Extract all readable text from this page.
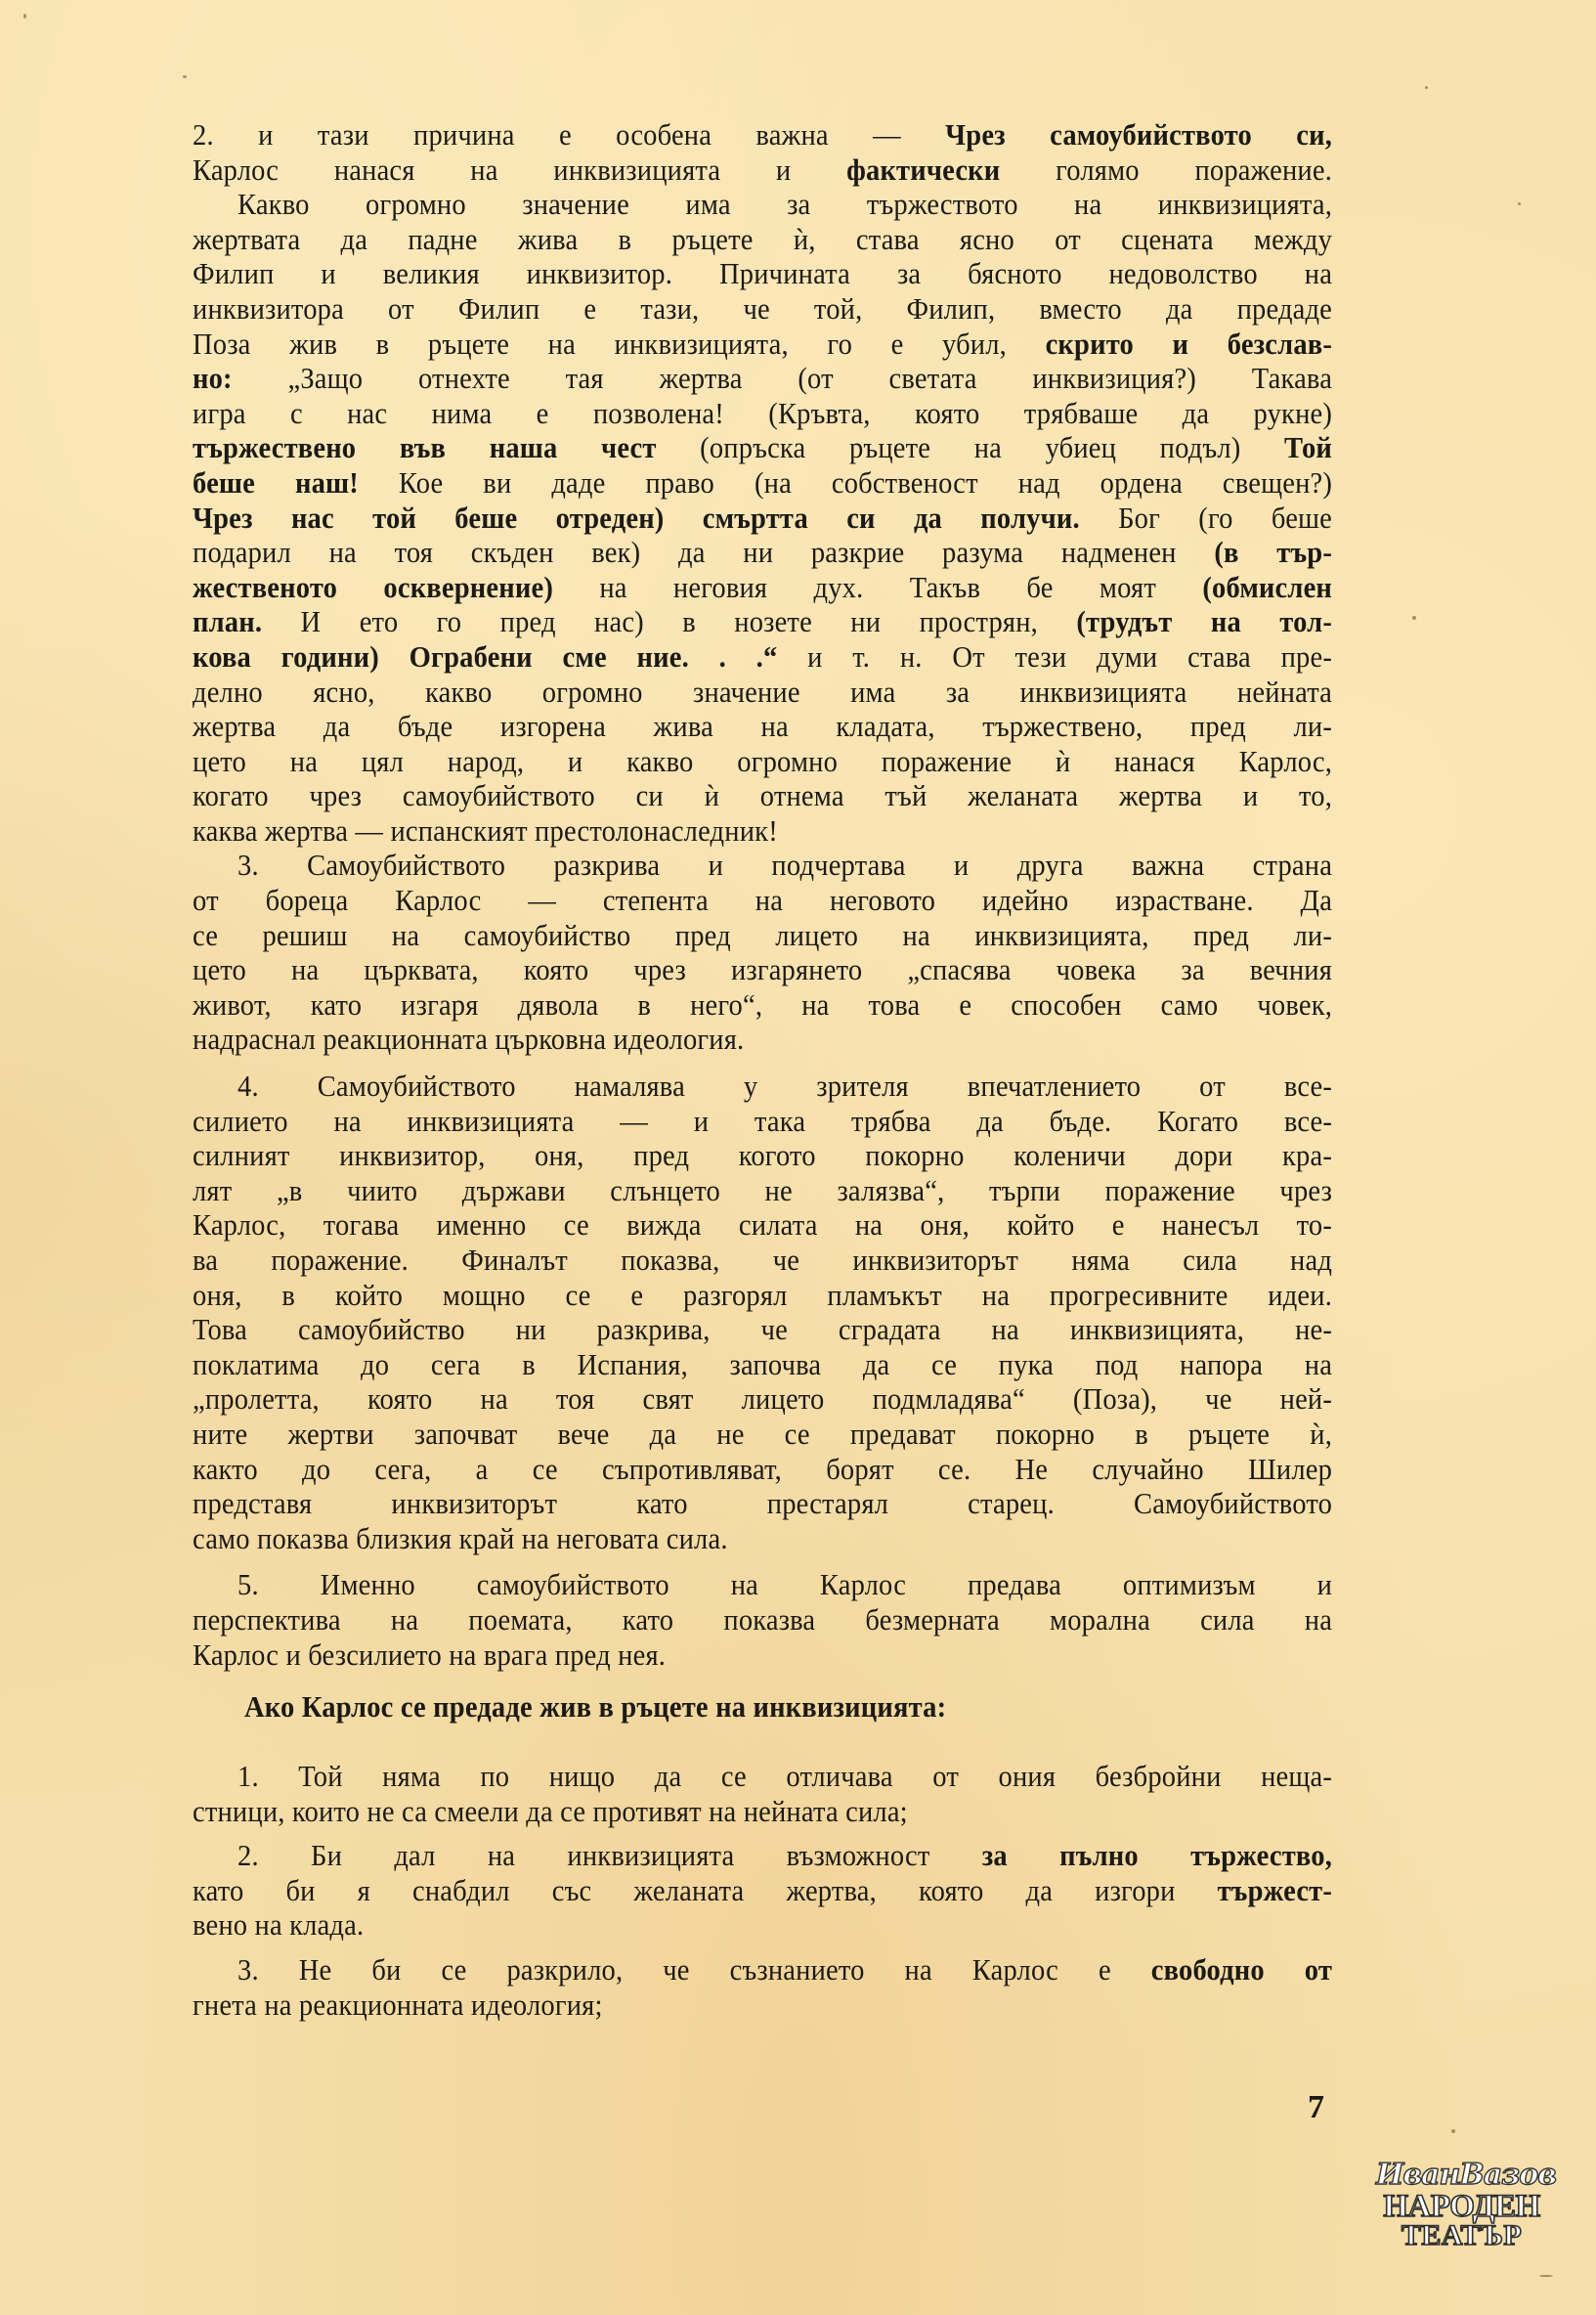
2. и тази причина е особена важна — Чрез самоубийството си,
Карлос нанася на инквизицията и фактически голямо поражение.
Какво огромно значение има за тържеството на инквизицията,
жертвата да падне жива в ръцете ѝ, става ясно от сцената между
Филип и великия инквизитор. Причината за бясното недоволство на
инквизитора от Филип е тази, че той, Филип, вместо да предаде
Поза жив в ръцете на инквизицията, го е убил, скрито и безслав-
но: „Защо отнехте тая жертва (от светата инквизиция?) Такава
игра с нас нима е позволена! (Кръвта, която трябваше да рукне)
тържествено във наша чест (опръска ръцете на убиец подъл) Той
беше наш! Кое ви даде право (на собственост над ордена свещен?)
Чрез нас той беше отреден) смъртта си да получи. Бог (го беше
подарил на тоя скъден век) да ни разкрие разума надменен (в тър-
жественото осквернение) на неговия дух. Такъв бе моят (обмислен
план. И ето го пред нас) в нозете ни прострян, (трудът на тол-
кова години) Ограбени сме ние. . .“ и т. н. От тези думи става пре-
делно ясно, какво огромно значение има за инквизицията нейната
жертва да бъде изгорена жива на кладата, тържествено, пред ли-
цето на цял народ, и какво огромно поражение ѝ нанася Карлос,
когато чрез самоубийството си ѝ отнема тъй желаната жертва и то,
каква жертва — испанският престолонаследник!
3. Самоубийството разкрива и подчертава и друга важна страна
от бореца Карлос — степента на неговото идейно израстване. Да
се решиш на самоубийство пред лицето на инквизицията, пред ли-
цето на църквата, която чрез изгарянето „спасява човека за вечния
живот, като изгаря дявола в него“, на това е способен само човек,
надраснал реакционната църковна идеология.
4. Самоубийството намалява у зрителя впечатлението от все-
силието на инквизицията — и така трябва да бъде. Когато все-
силният инквизитор, оня, пред когото покорно коленичи дори кра-
лят „в чиито държави слънцето не залязва“, търпи поражение чрез
Карлос, тогава именно се вижда силата на оня, който е нанесъл то-
ва поражение. Финалът показва, че инквизиторът няма сила над
оня, в който мощно се е разгорял пламъкът на прогресивните идеи.
Това самоубийство ни разкрива, че сградата на инквизицията, не-
поклатима до сега в Испания, започва да се пука под напора на
„пролетта, която на тоя свят лицето подмладява“ (Поза), че ней-
ните жертви започват вече да не се предават покорно в ръцете ѝ,
както до сега, а се съпротивляват, борят се. Не случайно Шилер
представя инквизиторът като престарял старец. Самоубийството
само показва близкия край на неговата сила.
5. Именно самоубийството на Карлос предава оптимизъм и
перспектива на поемата, като показва безмерната морална сила на
Карлос и безсилието на врага пред нея.
Ако Карлос се предаде жив в ръцете на инквизицията:
1. Той няма по нищо да се отличава от ония безбройни неща-
стници, които не са смеели да се противят на нейната сила;
2. Би дал на инквизицията възможност за пълно тържество,
като би я снабдил със желаната жертва, която да изгори тържест-
вено на клада.
3. Не би се разкрило, че съзнанието на Карлос е свободно от
гнета на реакционната идеология;
7
ИванВазов
НАРОДЕН
ТЕАТЪР
